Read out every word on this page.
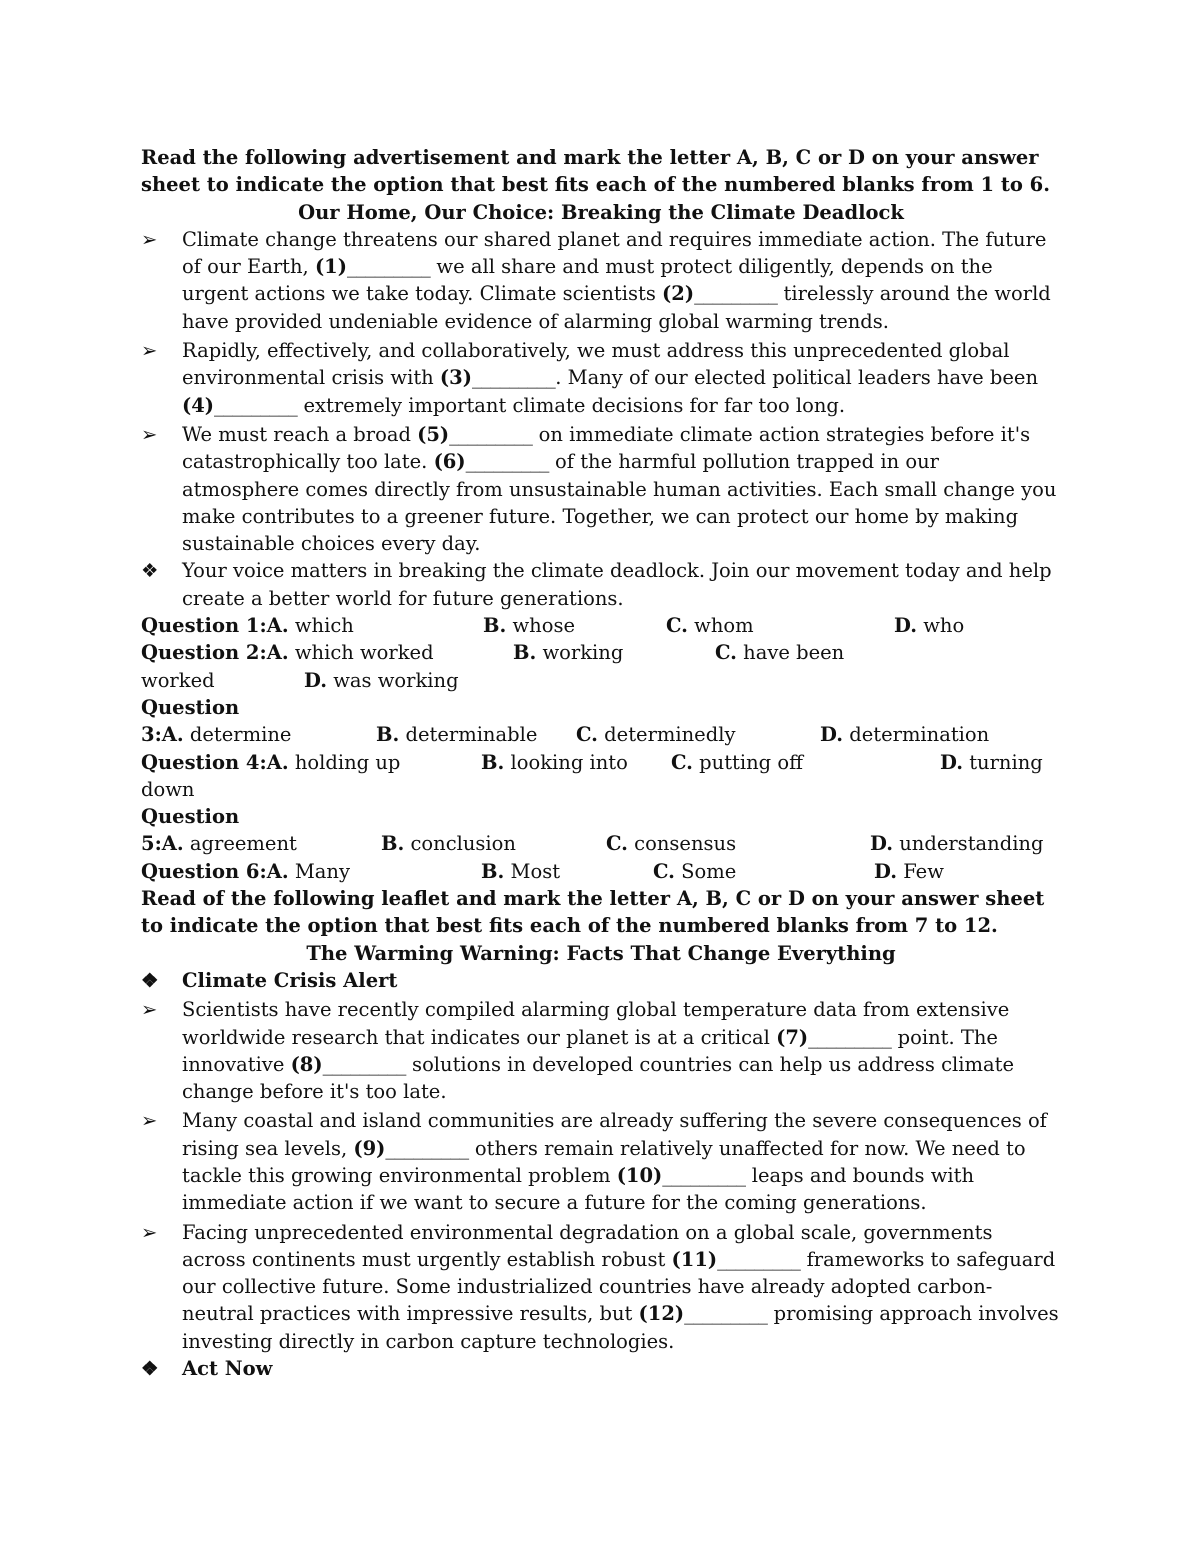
Read the following advertisement and mark the letter A, B, C or D on your answer sheet to indicate the option that best fits each of the numbered blanks from 1 to 6.
Our Home, Our Choice: Breaking the Climate Deadlock
➢ Climate change threatens our shared planet and requires immediate action. The future of our Earth, (1)_________ we all share and must protect diligently, depends on the urgent actions we take today. Climate scientists (2)_________ tirelessly around the world have provided undeniable evidence of alarming global warming trends.
➢ Rapidly, effectively, and collaboratively, we must address this unprecedented global environmental crisis with (3)_________. Many of our elected political leaders have been (4)_________ extremely important climate decisions for far too long.
➢ We must reach a broad (5)_________ on immediate climate action strategies before it's catastrophically too late. (6)_________ of the harmful pollution trapped in our atmosphere comes directly from unsustainable human activities. Each small change you make contributes to a greener future. Together, we can protect our home by making sustainable choices every day.
❖ Your voice matters in breaking the climate deadlock. Join our movement today and help create a better world for future generations.
Question 1:A. which	B. whose	C. whom	D. who
Question 2:A. which worked	B. working	C. have been
worked	D. was working
Question
3:A. determine	B. determinable C. determinedly	D. determination
Question 4:A. holding up	B. looking into C. putting off	D. turning
down
Question
5:A. agreement	B. conclusion	C. consensus	D. understanding
Question 6:A. Many	B. Most	C. Some	D. Few
Read of the following leaflet and mark the letter A, B, C or D on your answer sheet to indicate the option that best fits each of the numbered blanks from 7 to 12.
The Warming Warning: Facts That Change Everything
❖ Climate Crisis Alert
➢ Scientists have recently compiled alarming global temperature data from extensive worldwide research that indicates our planet is at a critical (7)_________ point. The innovative (8)_________ solutions in developed countries can help us address climate change before it's too late.
➢ Many coastal and island communities are already suffering the severe consequences of rising sea levels, (9)_________ others remain relatively unaffected for now. We need to tackle this growing environmental problem (10)_________ leaps and bounds with immediate action if we want to secure a future for the coming generations.
➢ Facing unprecedented environmental degradation on a global scale, governments across continents must urgently establish robust (11)_________ frameworks to safeguard our collective future. Some industrialized countries have already adopted carbon-neutral practices with impressive results, but (12)_________ promising approach involves investing directly in carbon capture technologies.
❖ Act Now
